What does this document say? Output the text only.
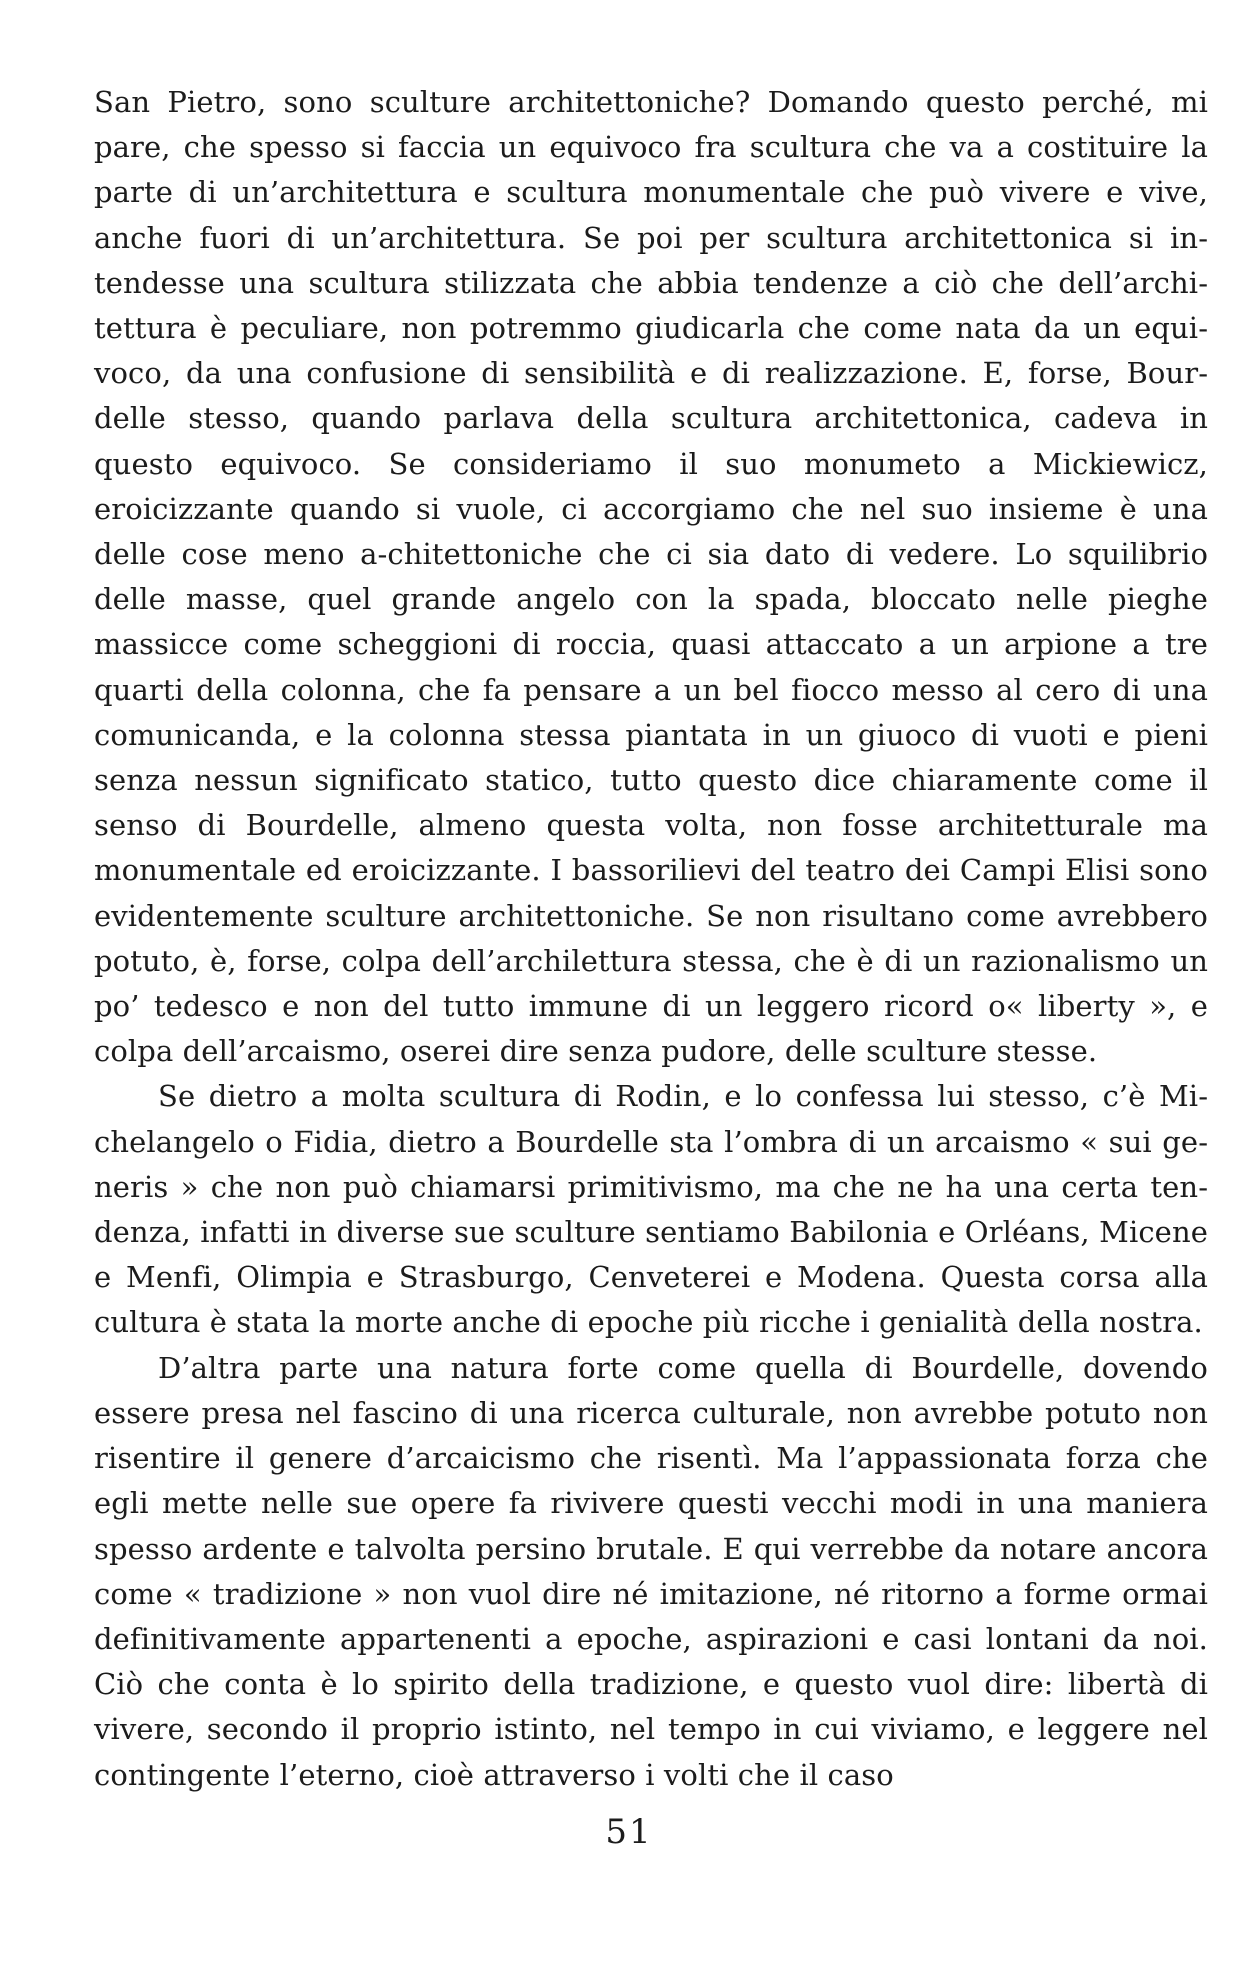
San Pietro, sono sculture architettoniche? Domando questo perché, mi pare, che spesso si faccia un equivoco fra scultura che va a costituire la parte di un’architettura e scultura monumentale che può vivere e vive, anche fuori di un’architettura. Se poi per scultura architettonica si intendesse una scultura stilizzata che abbia tendenze a ciò che dell’architettura è peculiare, non potremmo giudicarla che come nata da un equivoco, da una confusione di sensibilità e di realizzazione. E, forse, Bourdelle stesso, quando parlava della scultura architettonica, cadeva in questo equivoco. Se consideriamo il suo monumeto a Mickiewicz, eroicizzante quando si vuole, ci accorgiamo che nel suo insieme è una delle cose meno a-chitettoniche che ci sia dato di vedere. Lo squilibrio delle masse, quel grande angelo con la spada, bloccato nelle pieghe massicce come scheggioni di roccia, quasi attaccato a un arpione a tre quarti della colonna, che fa pensare a un bel fiocco messo al cero di una comunicanda, e la colonna stessa piantata in un giuoco di vuoti e pieni senza nessun significato statico, tutto questo dice chiaramente come il senso di Bourdelle, almeno questa volta, non fosse architetturale ma monumentale ed eroicizzante. I bassorilievi del teatro dei Campi Elisi sono evidentemente sculture architettoniche. Se non risultano come avrebbero potuto, è, forse, colpa dell’archilettura stessa, che è di un razionalismo un po’ tedesco e non del tutto immune di un leggero ricord o« liberty », e colpa dell’arcaismo, oserei dire senza pudore, delle sculture stesse.

Se dietro a molta scultura di Rodin, e lo confessa lui stesso, c’è Michelangelo o Fidia, dietro a Bourdelle sta l’ombra di un arcaismo « sui generis » che non può chiamarsi primitivismo, ma che ne ha una certa tendenza, infatti in diverse sue sculture sentiamo Babilonia e Orléans, Micene e Menfi, Olimpia e Strasburgo, Cenveterei e Modena. Questa corsa alla cultura è stata la morte anche di epoche più ricche i genialità della nostra.

D’altra parte una natura forte come quella di Bourdelle, dovendo essere presa nel fascino di una ricerca culturale, non avrebbe potuto non risentire il genere d’arcaicismo che risentì. Ma l’appassionata forza che egli mette nelle sue opere fa rivivere questi vecchi modi in una maniera spesso ardente e talvolta persino brutale. E qui verrebbe da notare ancora come « tradizione » non vuol dire né imitazione, né ritorno a forme ormai definitivamente appartenenti a epoche, aspirazioni e casi lontani da noi. Ciò che conta è lo spirito della tradizione, e questo vuol dire: libertà di vivere, secondo il proprio istinto, nel tempo in cui viviamo, e leggere nel contingente l’eterno, cioè attraverso i volti che il caso

51
